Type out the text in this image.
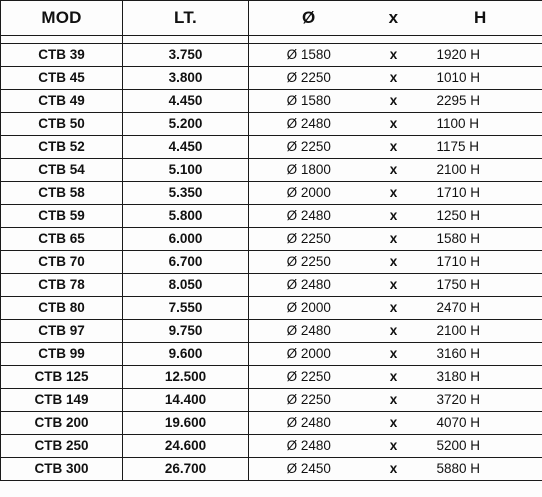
MOD	LT.	Ø	x	H

CTB 39	3.750	Ø 1580	x	1920 H
CTB 45	3.800	Ø 2250	x	1010 H
CTB 49	4.450	Ø 1580	x	2295 H
CTB 50	5.200	Ø 2480	x	1100 H
CTB 52	4.450	Ø 2250	x	1175 H
CTB 54	5.100	Ø 1800	x	2100 H
CTB 58	5.350	Ø 2000	x	1710 H
CTB 59	5.800	Ø 2480	x	1250 H
CTB 65	6.000	Ø 2250	x	1580 H
CTB 70	6.700	Ø 2250	x	1710 H
CTB 78	8.050	Ø 2480	x	1750 H
CTB 80	7.550	Ø 2000	x	2470 H
CTB 97	9.750	Ø 2480	x	2100 H
CTB 99	9.600	Ø 2000	x	3160 H
CTB 125	12.500	Ø 2250	x	3180 H
CTB 149	14.400	Ø 2250	x	3720 H
CTB 200	19.600	Ø 2480	x	4070 H
CTB 250	24.600	Ø 2480	x	5200 H
CTB 300	26.700	Ø 2450	x	5880 H
